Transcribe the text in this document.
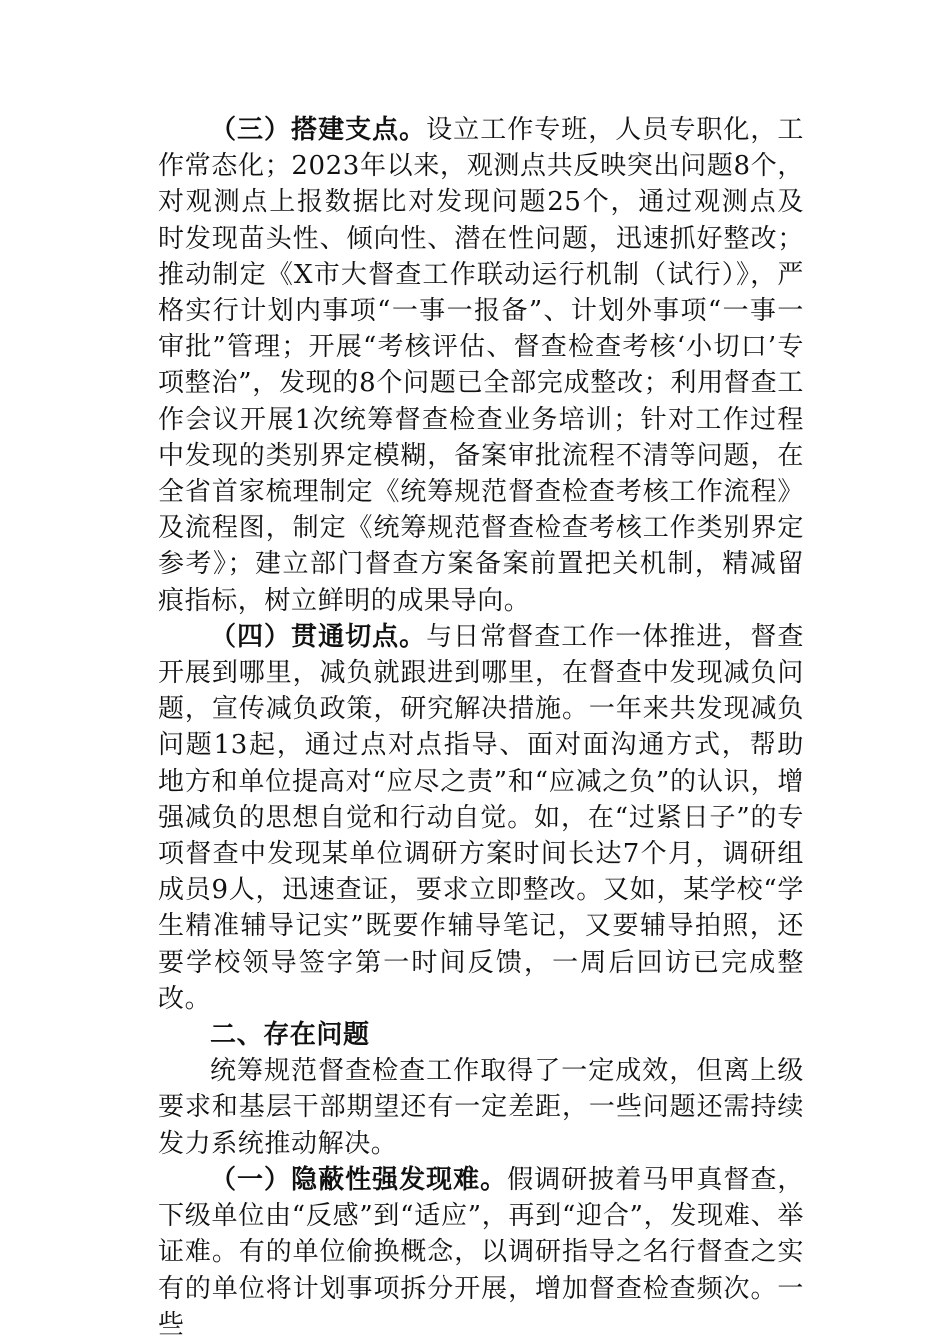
（三）搭建支点。设立工作专班，人员专职化，工作常态化；2023年以来，观测点共反映突出问题8个，对观测点上报数据比对发现问题25个，通过观测点及时发现苗头性、倾向性、潜在性问题，迅速抓好整改；推动制定《X市大督查工作联动运行机制（试行）》，严格实行计划内事项“一事一报备”、计划外事项“一事一审批”管理；开展“考核评估、督查检查考核‘小切口’专项整治”，发现的8个问题已全部完成整改；利用督查工作会议开展1次统筹督查检查业务培训；针对工作过程中发现的类别界定模糊，备案审批流程不清等问题，在全省首家梳理制定《统筹规范督查检查考核工作流程》及流程图，制定《统筹规范督查检查考核工作类别界定参考》；建立部门督查方案备案前置把关机制，精减留痕指标，树立鲜明的成果导向。

（四）贯通切点。与日常督查工作一体推进，督查开展到哪里，减负就跟进到哪里，在督查中发现减负问题，宣传减负政策，研究解决措施。一年来共发现减负问题13起，通过点对点指导、面对面沟通方式，帮助地方和单位提高对“应尽之责”和“应减之负”的认识，增强减负的思想自觉和行动自觉。如，在“过紧日子”的专项督查中发现某单位调研方案时间长达7个月，调研组成员9人，迅速查证，要求立即整改。又如，某学校“学生精准辅导记实”既要作辅导笔记，又要辅导拍照，还要学校领导签字第一时间反馈，一周后回访已完成整改。

二、存在问题

统筹规范督查检查工作取得了一定成效，但离上级要求和基层干部期望还有一定差距，一些问题还需持续发力系统推动解决。

（一）隐蔽性强发现难。假调研披着马甲真督查，下级单位由“反感”到“适应”，再到“迎合”，发现难、举证难。有的单位偷换概念，以调研指导之名行督查之实有的单位将计划事项拆分开展，增加督查检查频次。一些
